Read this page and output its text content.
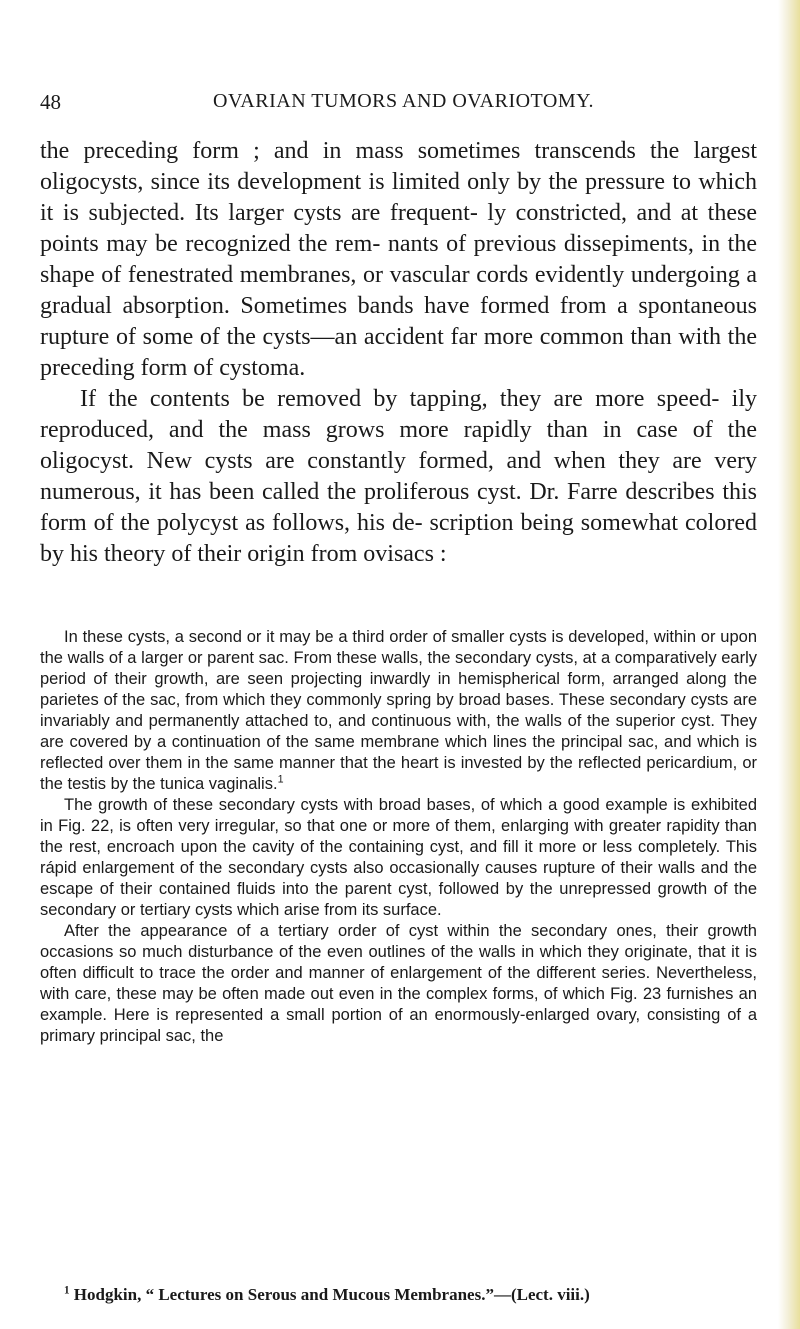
48	OVARIAN TUMORS AND OVARIOTOMY.

the preceding form ; and in mass sometimes transcends the largest oligocysts, since its development is limited only by the pressure to which it is subjected. Its larger cysts are frequent- ly constricted, and at these points may be recognized the rem- nants of previous dissepiments, in the shape of fenestrated membranes, or vascular cords evidently undergoing a gradual absorption. Sometimes bands have formed from a spontaneous rupture of some of the cysts—an accident far more common than with the preceding form of cystoma.

If the contents be removed by tapping, they are more speed- ily reproduced, and the mass grows more rapidly than in case of the oligocyst. New cysts are constantly formed, and when they are very numerous, it has been called the proliferous cyst. Dr. Farre describes this form of the polycyst as follows, his de- scription being somewhat colored by his theory of their origin from ovisacs :

In these cysts, a second or it may be a third order of smaller cysts is developed, within or upon the walls of a larger or parent sac. From these walls, the secondary cysts, at a comparatively early period of their growth, are seen projecting inwardly in hemispherical form, arranged along the parietes of the sac, from which they commonly spring by broad bases. These secondary cysts are invariably and permanently attached to, and continuous with, the walls of the superior cyst. They are covered by a continuation of the same membrane which lines the principal sac, and which is reflected over them in the same manner that the heart is invested by the reflected pericardium, or the testis by the tunica vaginalis.$^1$

The growth of these secondary cysts with broad bases, of which a good example is exhibited in Fig. 22, is often very irregular, so that one or more of them, enlarging with greater rapidity than the rest, encroach upon the cavity of the containing cyst, and fill it more or less completely. This rápid enlargement of the secondary cysts also occasionally causes rupture of their walls and the escape of their contained fluids into the parent cyst, followed by the unrepressed growth of the secondary or tertiary cysts which arise from its surface.

After the appearance of a tertiary order of cyst within the secondary ones, their growth occasions so much disturbance of the even outlines of the walls in which they originate, that it is often difficult to trace the order and manner of enlargement of the different series. Nevertheless, with care, these may be often made out even in the complex forms, of which Fig. 23 furnishes an example. Here is represented a small portion of an enormously-enlarged ovary, consisting of a primary principal sac, the

$^1$ Hodgkin, “ Lectures on Serous and Mucous Membranes.”—(Lect. viii.)
